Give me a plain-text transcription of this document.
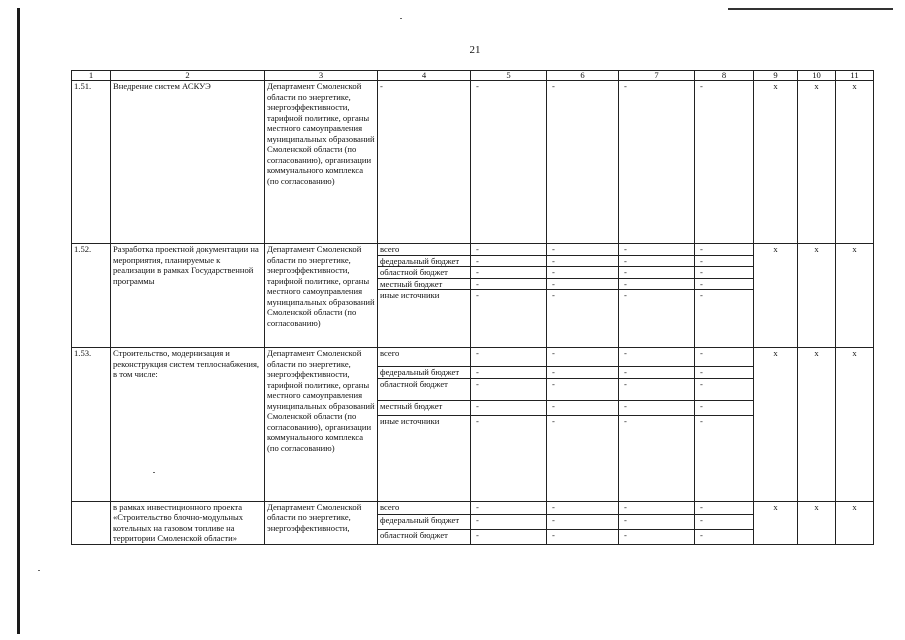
21
1	2	3	4	5	6	7	8	9	10	11
1.51.	Внедрение систем АСКУЭ	Департамент Смоленской области по энергетике, энергоэффективности, тарифной политике, органы местного самоуправления муниципальных образований Смоленской области (по согласованию), организации коммунального комплекса (по согласованию)	-	-	-	-	-	x	x	x
1.52.	Разработка проектной документации на мероприятия, планируемые к реализации в рамках Государственной программы	Департамент Смоленской области по энергетике, энергоэффективности, тарифной политике, органы местного самоуправления муниципальных образований Смоленской области (по согласованию)	всего	-	-	-	-	x	x	x
			федеральный бюджет	-	-	-	-			
			областной бюджет	-	-	-	-			
			местный бюджет	-	-	-	-			
			иные источники	-	-	-	-			
1.53.	Строительство, модернизация и реконструкция систем теплоснабжения, в том числе:	Департамент Смоленской области по энергетике, энергоэффективности, тарифной политике, органы местного самоуправления муниципальных образований Смоленской области (по согласованию), организации коммунального комплекса (по согласованию)	всего	-	-	-	-	x	x	x
			федеральный бюджет	-	-	-	-			
			областной бюджет	-	-	-	-			
			местный бюджет	-	-	-	-			
			иные источники	-	-	-	-			
	в рамках инвестиционного проекта «Строительство блочно-модульных котельных на газовом топливе на территории Смоленской области»	Департамент Смоленской области по энергетике, энергоэффективности,	всего	-	-	-	-	x	x	x
			федеральный бюджет	-	-	-	-			
			областной бюджет	-	-	-	-			
